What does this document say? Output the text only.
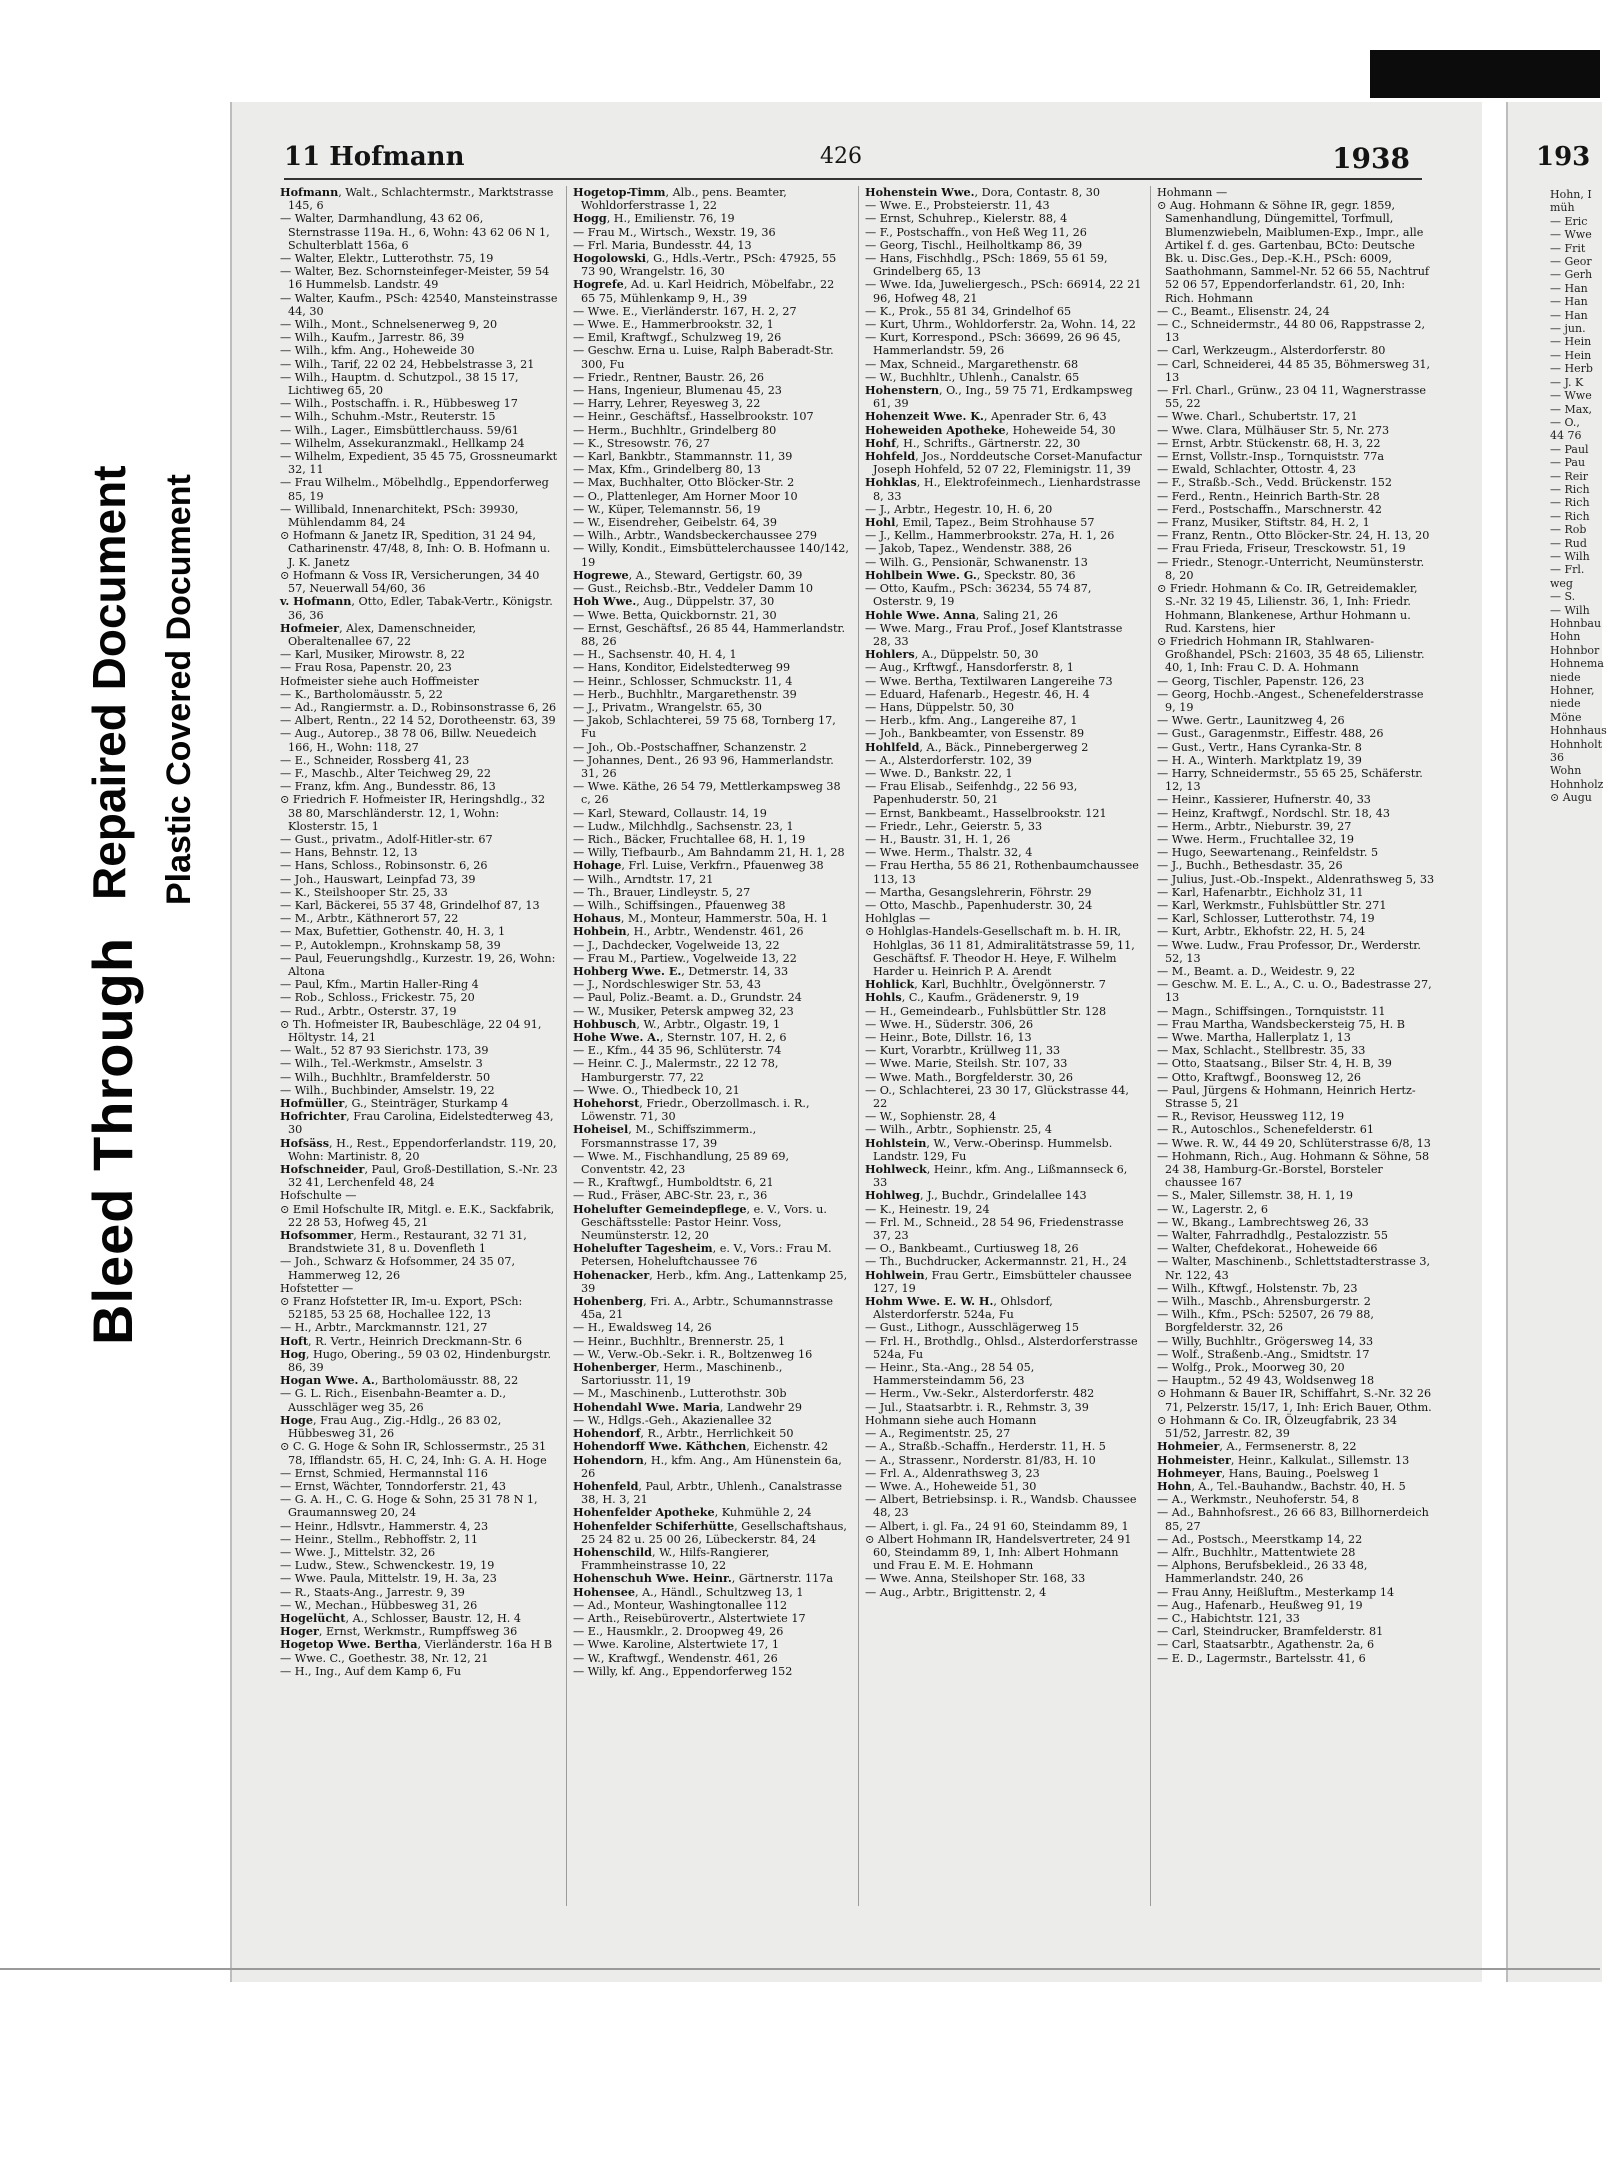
Bleed Through
Repaired Document Plastic Covered Document
11 Hofmann	426	1938
Hofmann, Walt., Schlachtermstr., Marktstrasse 145, 6
— Walter, Darmhandlung, 43 62 06, Sternstrasse 119a. H., 6, Wohn: 43 62 06 N 1, Schulterblatt 156a, 6
— Walter, Elektr., Lutterothstr. 75, 19
— Walter, Bez. Schornsteinfeger-Meister, 59 54 16 Hummelsb. Landstr. 49
— Walter, Kaufm., PSch: 42540, Mansteinstrasse 44, 30
— Wilh., Mont., Schnelsenerweg 9, 20
— Wilh., Kaufm., Jarrestr. 86, 39
— Wilh., kfm. Ang., Hoheweide 30
— Wilh., Tarif, 22 02 24, Hebbelstrasse 3, 21
— Wilh., Hauptm. d. Schutzpol., 38 15 17, Lichtiweg 65, 20
— Wilh., Postschaffn. i. R., Hübbesweg 17
— Wilh., Schuhm.-Mstr., Reuterstr. 15
— Wilh., Lager., Eimsbüttlerchauss. 59/61
— Wilhelm, Assekuranzmakl., Hellkamp 24
— Wilhelm, Expedient, 35 45 75, Grossneumarkt 32, 11
— Frau Wilhelm., Möbelhdlg., Eppendorferweg 85, 19
— Willibald, Innenarchitekt, PSch: 39930, Mühlendamm 84, 24
⊙ Hofmann & Janetz IR, Spedition, 31 24 94, Catharinenstr. 47/48, 8, Inh: O. B. Hofmann u. J. K. Janetz
⊙ Hofmann & Voss IR, Versicherungen, 34 40 57, Neuerwall 54/60, 36
v. Hofmann, Otto, Edler, Tabak-Vertr., Königstr. 36, 36
Hofmeier, Alex, Damenschneider, Oberaltenallee 67, 22
— Karl, Musiker, Mirowstr. 8, 22
— Frau Rosa, Papenstr. 20, 23
Hofmeister siehe auch Hoffmeister
— K., Bartholomäusstr. 5, 22
— Ad., Rangiermstr. a. D., Robinsonstrasse 6, 26
— Albert, Rentn., 22 14 52, Dorotheenstr. 63, 39
— Aug., Autorep., 38 78 06, Billw. Neuedeich 166, H., Wohn: 118, 27
— E., Schneider, Rossberg 41, 23
— F., Maschb., Alter Teichweg 29, 22
— Franz, kfm. Ang., Bundesstr. 86, 13
⊙ Friedrich F. Hofmeister IR, Heringshdlg., 32 38 80, Marschländerstr. 12, 1, Wohn: Klosterstr. 15, 1
— Gust., privatm., Adolf-Hitler-str. 67
— Hans, Behnstr. 12, 13
— Hans, Schloss., Robinsonstr. 6, 26
— Joh., Hauswart, Leinpfad 73, 39
— K., Steilshooper Str. 25, 33
— Karl, Bäckerei, 55 37 48, Grindelhof 87, 13
— M., Arbtr., Käthnerort 57, 22
— Max, Bufettier, Gothenstr. 40, H. 3, 1
— P., Autoklempn., Krohnskamp 58, 39
— Paul, Feuerungshdlg., Kurzestr. 19, 26, Wohn: Altona
— Paul, Kfm., Martin Haller-Ring 4
— Rob., Schloss., Frickestr. 75, 20
— Rud., Arbtr., Osterstr. 37, 19
⊙ Th. Hofmeister IR, Baubeschläge, 22 04 91, Höltystr. 14, 21
— Walt., 52 87 93 Sierichstr. 173, 39
— Wilh., Tel.-Werkmstr., Amselstr. 3
— Wilh., Buchhltr., Bramfelderstr. 50
— Wilh., Buchbinder, Amselstr. 19, 22
Hofmüller, G., Steinträger, Sturkamp 4
Hofrichter, Frau Carolina, Eidelstedterweg 43, 30
Hofsäss, H., Rest., Eppendorferlandstr. 119, 20, Wohn: Martinistr. 8, 20
Hofschneider, Paul, Groß-Destillation, S.-Nr. 23 32 41, Lerchenfeld 48, 24
Hofschulte —
⊙ Emil Hofschulte IR, Mitgl. e. E.K., Sackfabrik, 22 28 53, Hofweg 45, 21
Hofsommer, Herm., Restaurant, 32 71 31, Brandstwiete 31, 8 u. Dovenfleth 1
— Joh., Schwarz & Hofsommer, 24 35 07, Hammerweg 12, 26
Hofstetter —
⊙ Franz Hofstetter IR, Im-u. Export, PSch: 52185, 53 25 68, Hochallee 122, 13
— H., Arbtr., Marckmannstr. 121, 27
Hoft, R. Vertr., Heinrich Dreckmann-Str. 6
Hog, Hugo, Obering., 59 03 02, Hindenburgstr. 86, 39
Hogan Wwe. A., Bartholomäusstr. 88, 22
— G. L. Rich., Eisenbahn-Beamter a. D., Ausschläger weg 35, 26
Hoge, Frau Aug., Zig.-Hdlg., 26 83 02, Hübbesweg 31, 26
⊙ C. G. Hoge & Sohn IR, Schlossermstr., 25 31 78, Ifflandstr. 65, H. C, 24, Inh: G. A. H. Hoge
— Ernst, Schmied, Hermannstal 116
— Ernst, Wächter, Tonndorferstr. 21, 43
— G. A. H., C. G. Hoge & Sohn, 25 31 78 N 1, Graumannsweg 20, 24
— Heinr., Hdlsvtr., Hammerstr. 4, 23
— Heinr., Stellm., Rebhoffstr. 2, 11
— Wwe. J., Mittelstr. 32, 26
— Ludw., Stew., Schwenckestr. 19, 19
— Wwe. Paula, Mittelstr. 19, H. 3a, 23
— R., Staats-Ang., Jarrestr. 9, 39
— W., Mechan., Hübbesweg 31, 26
Hogelücht, A., Schlosser, Baustr. 12, H. 4
Hoger, Ernst, Werkmstr., Rumpffsweg 36
Hogetop Wwe. Bertha, Vierländerstr. 16a H B
— Wwe. C., Goethestr. 38, Nr. 12, 21
— H., Ing., Auf dem Kamp 6, Fu
Hogetop-Timm, Alb., pens. Beamter, Wohldorferstrasse 1, 22
Hogg, H., Emilienstr. 76, 19
— Frau M., Wirtsch., Wexstr. 19, 36
— Frl. Maria, Bundesstr. 44, 13
Hogolowski, G., Hdls.-Vertr., PSch: 47925, 55 73 90, Wrangelstr. 16, 30
Hogrefe, Ad. u. Karl Heidrich, Möbelfabr., 22 65 75, Mühlenkamp 9, H., 39
— Wwe. E., Vierländerstr. 167, H. 2, 27
— Wwe. E., Hammerbrookstr. 32, 1
— Emil, Kraftwgf., Schulzweg 19, 26
— Geschw. Erna u. Luise, Ralph Baberadt-Str. 300, Fu
— Friedr., Rentner, Baustr. 26, 26
— Hans, Ingenieur, Blumenau 45, 23
— Harry, Lehrer, Reyesweg 3, 22
— Heinr., Geschäftsf., Hasselbrookstr. 107
— Herm., Buchhltr., Grindelberg 80
— K., Stresowstr. 76, 27
— Karl, Bankbtr., Stammannstr. 11, 39
— Max, Kfm., Grindelberg 80, 13
— Max, Buchhalter, Otto Blöcker-Str. 2
— O., Plattenleger, Am Horner Moor 10
— W., Küper, Telemannstr. 56, 19
— W., Eisendreher, Geibelstr. 64, 39
— Wilh., Arbtr., Wandsbeckerchaussee 279
— Willy, Kondit., Eimsbüttelerchaussee 140/142, 19
Hogrewe, A., Steward, Gertigstr. 60, 39
— Gust., Reichsb.-Btr., Veddeler Damm 10
Hoh Wwe., Aug., Düppelstr. 37, 30
— Wwe. Betta, Quickbornstr. 21, 30
— Ernst, Geschäftsf., 26 85 44, Hammerlandstr. 88, 26
— H., Sachsenstr. 40, H. 4, 1
— Hans, Konditor, Eidelstedterweg 99
— Heinr., Schlosser, Schmuckstr. 11, 4
— Herb., Buchhltr., Margarethenstr. 39
— J., Privatm., Wrangelstr. 65, 30
— Jakob, Schlachterei, 59 75 68, Tornberg 17, Fu
— Joh., Ob.-Postschaffner, Schanzenstr. 2
— Johannes, Dent., 26 93 96, Hammerlandstr. 31, 26
— Wwe. Käthe, 26 54 79, Mettlerkampsweg 38 c, 26
— Karl, Steward, Collaustr. 14, 19
— Ludw., Milchhdlg., Sachsenstr. 23, 1
— Rich., Bäcker, Fruchtallee 68, H. 1, 19
— Willy, Tiefbaurb., Am Bahndamm 21, H. 1, 28
Hohage, Frl. Luise, Verkfrn., Pfauenweg 38
— Wilh., Arndtstr. 17, 21
— Th., Brauer, Lindleystr. 5, 27
— Wilh., Schiffsingen., Pfauenweg 38
Hohaus, M., Monteur, Hammerstr. 50a, H. 1
Hohbein, H., Arbtr., Wendenstr. 461, 26
— J., Dachdecker, Vogelweide 13, 22
— Frau M., Partiew., Vogelweide 13, 22
Hohberg Wwe. E., Detmerstr. 14, 33
— J., Nordschleswiger Str. 53, 43
— Paul, Poliz.-Beamt. a. D., Grundstr. 24
— W., Musiker, Petersk ampweg 32, 23
Hohbusch, W., Arbtr., Olgastr. 19, 1
Hohe Wwe. A., Sternstr. 107, H. 2, 6
— E., Kfm., 44 35 96, Schlüterstr. 74
— Heinr. C. J., Malermstr., 22 12 78, Hamburgerstr. 77, 22
— Wwe. O., Thiedbeck 10, 21
Hohehorst, Friedr., Oberzollmasch. i. R., Löwenstr. 71, 30
Hoheisel, M., Schiffszimmerm., Forsmannstrasse 17, 39
— Wwe. M., Fischhandlung, 25 89 69, Conventstr. 42, 23
— R., Kraftwgf., Humboldtstr. 6, 21
— Rud., Fräser, ABC-Str. 23, r., 36
Hohelufter Gemeindepflege, e. V., Vors. u. Geschäftsstelle: Pastor Heinr. Voss, Neumünsterstr. 12, 20
Hohelufter Tagesheim, e. V., Vors.: Frau M. Petersen, Hoheluftchaussee 76
Hohenacker, Herb., kfm. Ang., Lattenkamp 25, 39
Hohenberg, Fri. A., Arbtr., Schumannstrasse 45a, 21
— H., Ewaldsweg 14, 26
— Heinr., Buchhltr., Brennerstr. 25, 1
— W., Verw.-Ob.-Sekr. i. R., Boltzenweg 16
Hohenberger, Herm., Maschinenb., Sartoriusstr. 11, 19
— M., Maschinenb., Lutterothstr. 30b
Hohendahl Wwe. Maria, Landwehr 29
— W., Hdlgs.-Geh., Akazienallee 32
Hohendorf, R., Arbtr., Herrlichkeit 50
Hohendorff Wwe. Käthchen, Eichenstr. 42
Hohendorn, H., kfm. Ang., Am Hünenstein 6a, 26
Hohenfeld, Paul, Arbtr., Uhlenh., Canalstrasse 38, H. 3, 21
Hohenfelder Apotheke, Kuhmühle 2, 24
Hohenfelder Schiferhütte, Gesellschaftshaus, 25 24 82 u. 25 00 26, Lübeckerstr. 84, 24
Hohenschild, W., Hilfs-Rangierer, Frammheinstrasse 10, 22
Hohenschuh Wwe. Heinr., Gärtnerstr. 117a
Hohensee, A., Händl., Schultzweg 13, 1
— Ad., Monteur, Washingtonallee 112
— Arth., Reisebürovertr., Alstertwiete 17
— E., Hausmklr., 2. Droopweg 49, 26
— Wwe. Karoline, Alstertwiete 17, 1
— W., Kraftwgf., Wendenstr. 461, 26
— Willy, kf. Ang., Eppendorferweg 152
Hohenstein Wwe., Dora, Contastr. 8, 30
— Wwe. E., Probsteierstr. 11, 43
— Ernst, Schuhrep., Kielerstr. 88, 4
— F., Postschaffn., von Heß Weg 11, 26
— Georg, Tischl., Heilholtkamp 86, 39
— Hans, Fischhdlg., PSch: 1869, 55 61 59, Grindelberg 65, 13
— Wwe. Ida, Juweliergesch., PSch: 66914, 22 21 96, Hofweg 48, 21
— K., Prok., 55 81 34, Grindelhof 65
— Kurt, Uhrm., Wohldorferstr. 2a, Wohn. 14, 22
— Kurt, Korrespond., PSch: 36699, 26 96 45, Hammerlandstr. 59, 26
— Max, Schneid., Margarethenstr. 68
— W., Buchhltr., Uhlenh., Canalstr. 65
Hohenstern, O., Ing., 59 75 71, Erdkampsweg 61, 39
Hohenzeit Wwe. K., Apenrader Str. 6, 43
Hoheweiden Apotheke, Hoheweide 54, 30
Hohf, H., Schrifts., Gärtnerstr. 22, 30
Hohfeld, Jos., Norddeutsche Corset-Manufactur Joseph Hohfeld, 52 07 22, Fleminigstr. 11, 39
Hohklas, H., Elektrofeinmech., Lienhardstrasse 8, 33
— J., Arbtr., Hegestr. 10, H. 6, 20
Hohl, Emil, Tapez., Beim Strohhause 57
— J., Kellm., Hammerbrookstr. 27a, H. 1, 26
— Jakob, Tapez., Wendenstr. 388, 26
— Wilh. G., Pensionär, Schwanenstr. 13
Hohlbein Wwe. G., Speckstr. 80, 36
— Otto, Kaufm., PSch: 36234, 55 74 87, Osterstr. 9, 19
Hohle Wwe. Anna, Saling 21, 26
— Wwe. Marg., Frau Prof., Josef Klantstrasse 28, 33
Hohlers, A., Düppelstr. 50, 30
— Aug., Krftwgf., Hansdorferstr. 8, 1
— Wwe. Bertha, Textilwaren Langereihe 73
— Eduard, Hafenarb., Hegestr. 46, H. 4
— Hans, Düppelstr. 50, 30
— Herb., kfm. Ang., Langereihe 87, 1
— Joh., Bankbeamter, von Essenstr. 89
Hohlfeld, A., Bäck., Pinnebergerweg 2
— A., Alsterdorferstr. 102, 39
— Wwe. D., Bankstr. 22, 1
— Frau Elisab., Seifenhdg., 22 56 93, Papenhuderstr. 50, 21
— Ernst, Bankbeamt., Hasselbrookstr. 121
— Friedr., Lehr., Geierstr. 5, 33
— H., Baustr. 31, H. 1, 26
— Wwe. Herm., Thalstr. 32, 4
— Frau Hertha, 55 86 21, Rothenbaumchaussee 113, 13
— Martha, Gesangslehrerin, Föhrstr. 29
— Otto, Maschb., Papenhuderstr. 30, 24
Hohlglas —
⊙ Hohlglas-Handels-Gesellschaft m. b. H. IR, Hohlglas, 36 11 81, Admiralitätstrasse 59, 11, Geschäftsf. F. Theodor H. Heye, F. Wilhelm Harder u. Heinrich P. A. Arendt
Hohlick, Karl, Buchhltr., Övelgönnerstr. 7
Hohls, C., Kaufm., Grädenerstr. 9, 19
— H., Gemeindearb., Fuhlsbüttler Str. 128
— Wwe. H., Süderstr. 306, 26
— Heinr., Bote, Dillstr. 16, 13
— Kurt, Vorarbtr., Krüllweg 11, 33
— Wwe. Marie, Steilsh. Str. 107, 33
— Wwe. Math., Borgfelderstr. 30, 26
— O., Schlachterei, 23 30 17, Glückstrasse 44, 22
— W., Sophienstr. 28, 4
— Wilh., Arbtr., Sophienstr. 25, 4
Hohlstein, W., Verw.-Oberinsp. Hummelsb. Landstr. 129, Fu
Hohlweck, Heinr., kfm. Ang., Lißmannseck 6, 33
Hohlweg, J., Buchdr., Grindelallee 143
— K., Heinestr. 19, 24
— Frl. M., Schneid., 28 54 96, Friedenstrasse 37, 23
— O., Bankbeamt., Curtiusweg 18, 26
— Th., Buchdrucker, Ackermannstr. 21, H., 24
Hohlwein, Frau Gertr., Eimsbütteler chaussee 127, 19
Hohm Wwe. E. W. H., Ohlsdorf, Alsterdorferstr. 524a, Fu
— Gust., Lithogr., Ausschlägerweg 15
— Frl. H., Brothdlg., Ohlsd., Alsterdorferstrasse 524a, Fu
— Heinr., Sta.-Ang., 28 54 05, Hammersteindamm 56, 23
— Herm., Vw.-Sekr., Alsterdorferstr. 482
— Jul., Staatsarbtr. i. R., Rehmstr. 3, 39
Hohmann siehe auch Homann
— A., Regimentstr. 25, 27
— A., Straßb.-Schaffn., Herderstr. 11, H. 5
— A., Strassenr., Norderstr. 81/83, H. 10
— Frl. A., Aldenrathsweg 3, 23
— Wwe. A., Hoheweide 51, 30
— Albert, Betriebsinsp. i. R., Wandsb. Chaussee 48, 23
— Albert, i. gl. Fa., 24 91 60, Steindamm 89, 1
⊙ Albert Hohmann IR, Handelsvertreter, 24 91 60, Steindamm 89, 1, Inh: Albert Hohmann und Frau E. M. E. Hohmann
— Wwe. Anna, Steilshoper Str. 168, 33
— Aug., Arbtr., Brigittenstr. 2, 4
Hohmann —
⊙ Aug. Hohmann & Söhne IR, gegr. 1859, Samenhandlung, Düngemittel, Torfmull, Blumenzwiebeln, Maiblumen-Exp., Impr., alle Artikel f. d. ges. Gartenbau, BCto: Deutsche Bk. u. Disc.Ges., Dep.-K.H., PSch: 6009, Saathohmann, Sammel-Nr. 52 66 55, Nachtruf 52 06 57, Eppendorferlandstr. 61, 20, Inh: Rich. Hohmann
— C., Beamt., Elisenstr. 24, 24
— C., Schneidermstr., 44 80 06, Rappstrasse 2, 13
— Carl, Werkzeugm., Alsterdorferstr. 80
— Carl, Schneiderei, 44 85 35, Böhmersweg 31, 13
— Frl. Charl., Grünw., 23 04 11, Wagnerstrasse 55, 22
— Wwe. Charl., Schubertstr. 17, 21
— Wwe. Clara, Mülhäuser Str. 5, Nr. 273
— Ernst, Arbtr. Stückenstr. 68, H. 3, 22
— Ernst, Vollstr.-Insp., Tornquiststr. 77a
— Ewald, Schlachter, Ottostr. 4, 23
— F., Straßb.-Sch., Vedd. Brückenstr. 152
— Ferd., Rentn., Heinrich Barth-Str. 28
— Ferd., Postschaffn., Marschnerstr. 42
— Franz, Musiker, Stiftstr. 84, H. 2, 1
— Franz, Rentn., Otto Blöcker-Str. 24, H. 13, 20
— Frau Frieda, Friseur, Tresckowstr. 51, 19
— Friedr., Stenogr.-Unterricht, Neumünsterstr. 8, 20
⊙ Friedr. Hohmann & Co. IR, Getreidemakler, S.-Nr. 32 19 45, Lilienstr. 36, 1, Inh: Friedr. Hohmann, Blankenese, Arthur Hohmann u. Rud. Karstens, hier
⊙ Friedrich Hohmann IR, Stahlwaren-Großhandel, PSch: 21603, 35 48 65, Lilienstr. 40, 1, Inh: Frau C. D. A. Hohmann
— Georg, Tischler, Papenstr. 126, 23
— Georg, Hochb.-Angest., Schenefelderstrasse 9, 19
— Wwe. Gertr., Launitzweg 4, 26
— Gust., Garagenmstr., Eiffestr. 488, 26
— Gust., Vertr., Hans Cyranka-Str. 8
— H. A., Winterh. Marktplatz 19, 39
— Harry, Schneidermstr., 55 65 25, Schäferstr. 12, 13
— Heinr., Kassierer, Hufnerstr. 40, 33
— Heinz, Kraftwgf., Nordschl. Str. 18, 43
— Herm., Arbtr., Nieburstr. 39, 27
— Wwe. Herm., Fruchtallee 32, 19
— Hugo, Seewartenang., Reinfeldstr. 5
— J., Buchh., Bethesdastr. 35, 26
— Julius, Just.-Ob.-Inspekt., Aldenrathsweg 5, 33
— Karl, Hafenarbtr., Eichholz 31, 11
— Karl, Werkmstr., Fuhlsbüttler Str. 271
— Karl, Schlosser, Lutterothstr. 74, 19
— Kurt, Arbtr., Ekhofstr. 22, H. 5, 24
— Wwe. Ludw., Frau Professor, Dr., Werderstr. 52, 13
— M., Beamt. a. D., Weidestr. 9, 22
— Geschw. M. E. L., A., C. u. O., Badestrasse 27, 13
— Magn., Schiffsingen., Tornquiststr. 11
— Frau Martha, Wandsbeckersteig 75, H. B
— Wwe. Martha, Hallerplatz 1, 13
— Max, Schlacht., Stellbrestr. 35, 33
— Otto, Staatsang., Bilser Str. 4, H. B, 39
— Otto, Kraftwgf., Boonsweg 12, 26
— Paul, Jürgens & Hohmann, Heinrich Hertz-Strasse 5, 21
— R., Revisor, Heussweg 112, 19
— R., Autoschlos., Schenefelderstr. 61
— Wwe. R. W., 44 49 20, Schlüterstrasse 6/8, 13
— Hohmann, Rich., Aug. Hohmann & Söhne, 58 24 38, Hamburg-Gr.-Borstel, Borsteler chaussee 167
— S., Maler, Sillemstr. 38, H. 1, 19
— W., Lagerstr. 2, 6
— W., Bkang., Lambrechtsweg 26, 33
— Walter, Fahrradhdlg., Pestalozzistr. 55
— Walter, Chefdekorat., Hoheweide 66
— Walter, Maschinenb., Schlettstadterstrasse 3, Nr. 122, 43
— Wilh., Kftwgf., Holstenstr. 7b, 23
— Wilh., Maschb., Ahrensburgerstr. 2
— Wilh., Kfm., PSch: 52507, 26 79 88, Borgfelderstr. 32, 26
— Willy, Buchhltr., Grögersweg 14, 33
— Wolf., Straßenb.-Ang., Smidtstr. 17
— Wolfg., Prok., Moorweg 30, 20
— Hauptm., 52 49 43, Woldsenweg 18
⊙ Hohmann & Bauer IR, Schiffahrt, S.-Nr. 32 26 71, Pelzerstr. 15/17, 1, Inh: Erich Bauer, Othm.
⊙ Hohmann & Co. IR, Ölzeugfabrik, 23 34 51/52, Jarrestr. 82, 39
Hohmeier, A., Fermsenerstr. 8, 22
Hohmeister, Heinr., Kalkulat., Sillemstr. 13
Hohmeyer, Hans, Bauing., Poelsweg 1
Hohn, A., Tel.-Bauhandw., Bachstr. 40, H. 5
— A., Werkmstr., Neuhoferstr. 54, 8
— Ad., Bahnhofsrest., 26 66 83, Billhornerdeich 85, 27
— Ad., Postsch., Meerstkamp 14, 22
— Alfr., Buchhltr., Mattentwiete 28
— Alphons, Berufsbekleid., 26 33 48, Hammerlandstr. 240, 26
— Frau Anny, Heißluftm., Mesterkamp 14
— Aug., Hafenarb., Heußweg 91, 19
— C., Habichtstr. 121, 33
— Carl, Steindrucker, Bramfelderstr. 81
— Carl, Staatsarbtr., Agathenstr. 2a, 6
— E. D., Lagermstr., Bartelsstr. 41, 6
193
Hohn, I
müh
— Eric
— Wwe
— Frit
— Geor
— Gerh
— Han
— Han
— Han
— jun.
— Hein
— Hein
— Herb
— J. K
— Wwe
— Max,
— O.,
44 76
— Paul
— Pau
— Reir
— Rich
— Rich
— Rich
— Rob
— Rud
— Wilh
— Frl.
weg
— S.
— Wilh
Hohnbau
Hohn
Hohnbor
Hohnema
niede
Hohner,
niede
Möne
Hohnhaus
Hohnholt
36
Wohn
Hohnholz
⊙ Augu
